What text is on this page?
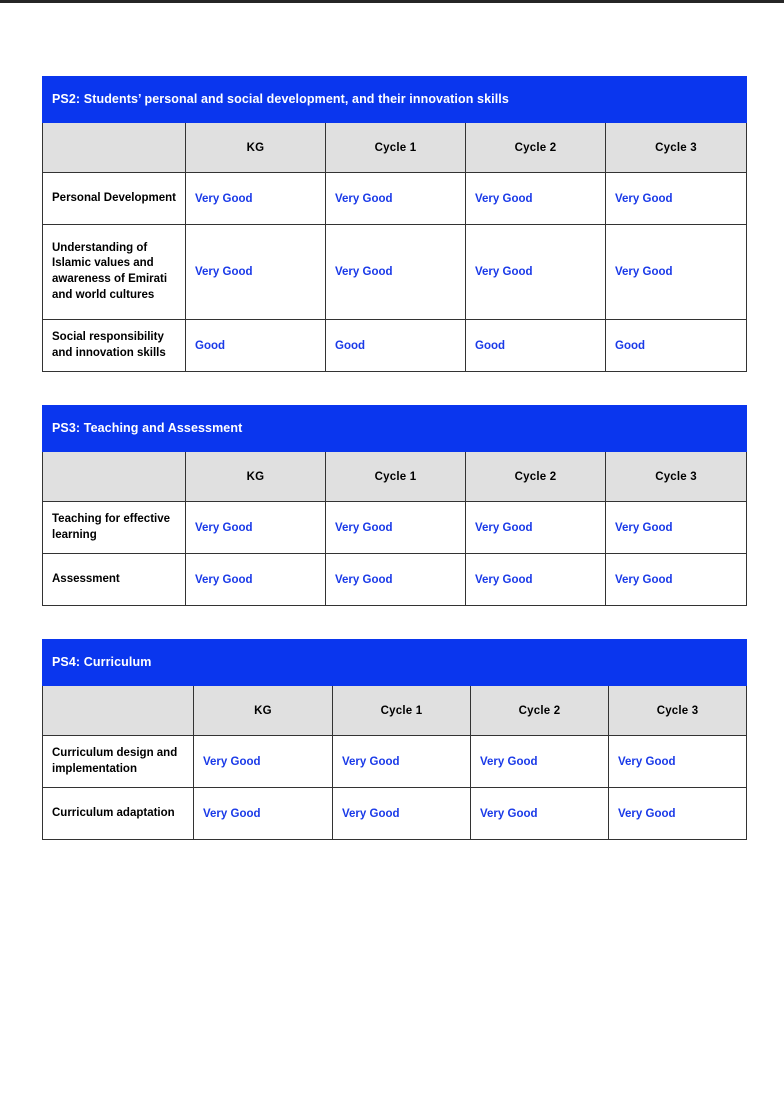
PS2: Students’ personal and social development, and their innovation skills				
	KG	Cycle 1	Cycle 2	Cycle 3
Personal Development	Very Good	Very Good	Very Good	Very Good
Understanding of Islamic values and awareness of Emirati and world cultures	Very Good	Very Good	Very Good	Very Good
Social responsibility and innovation skills	Good	Good	Good	Good
PS3: Teaching and Assessment				
	KG	Cycle 1	Cycle 2	Cycle 3
Teaching for effective learning	Very Good	Very Good	Very Good	Very Good
Assessment	Very Good	Very Good	Very Good	Very Good
PS4: Curriculum				
	KG	Cycle 1	Cycle 2	Cycle 3
Curriculum design and implementation	Very Good	Very Good	Very Good	Very Good
Curriculum adaptation	Very Good	Very Good	Very Good	Very Good
